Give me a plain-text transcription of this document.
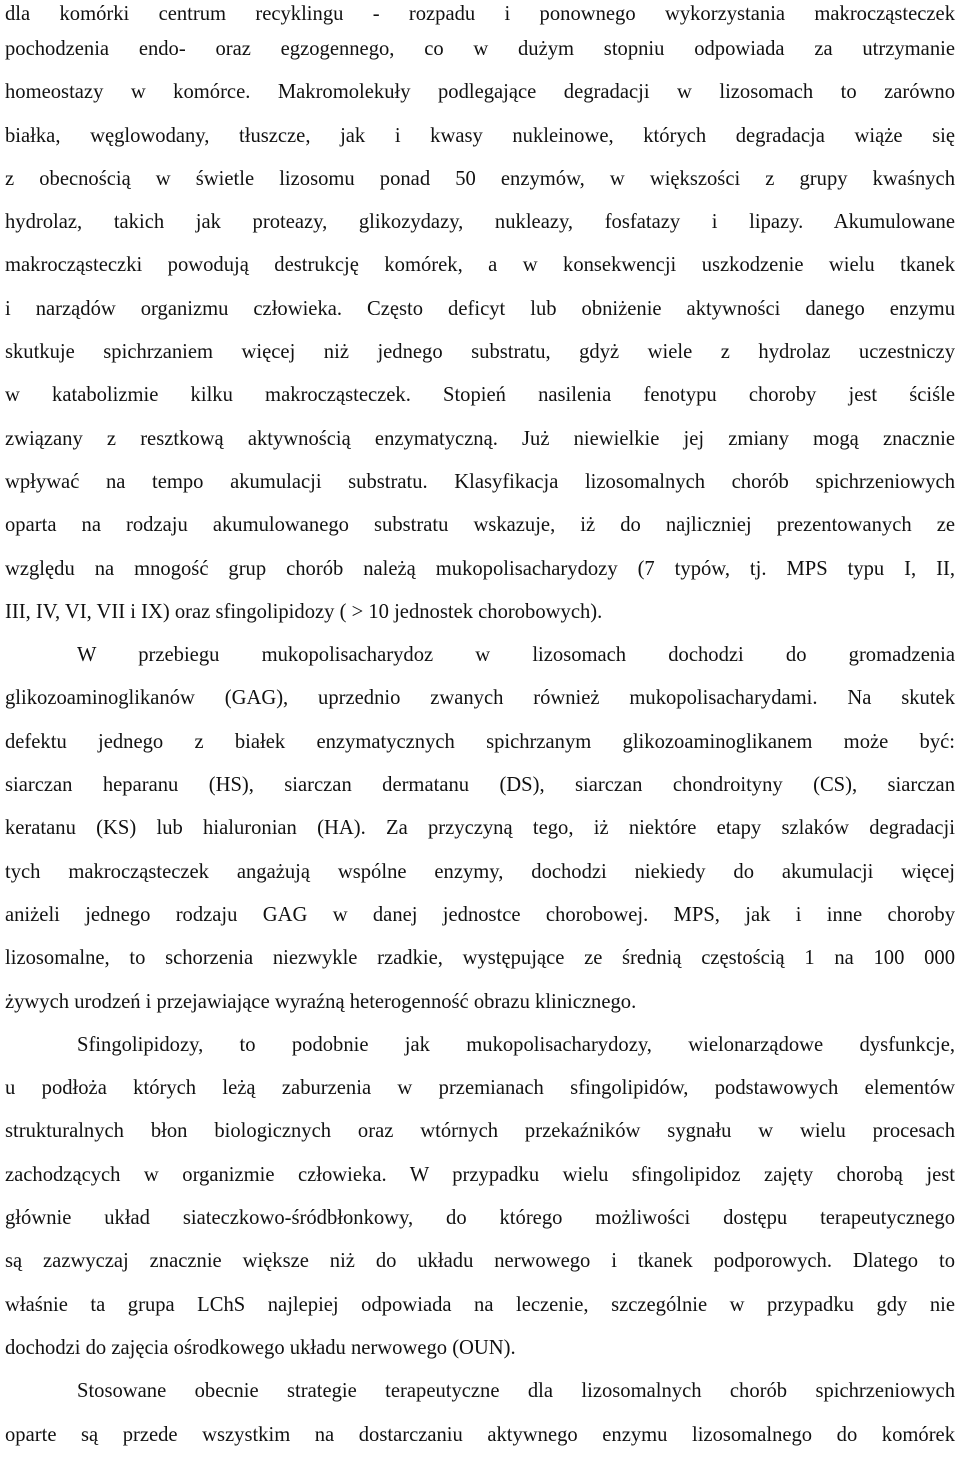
dla komórki centrum recyklingu - rozpadu i ponownego wykorzystania makrocząsteczek
pochodzenia endo- oraz egzogennego, co w dużym stopniu odpowiada za utrzymanie
homeostazy w komórce. Makromolekuły podlegające degradacji w lizosomach to zarówno
białka, węglowodany, tłuszcze, jak i kwasy nukleinowe, których degradacja wiąże się
z obecnością w świetle lizosomu ponad 50 enzymów, w większości z grupy kwaśnych
hydrolaz, takich jak proteazy, glikozydazy, nukleazy, fosfatazy i lipazy. Akumulowane
makrocząsteczki powodują destrukcję komórek, a w konsekwencji uszkodzenie wielu tkanek
i narządów organizmu człowieka. Często deficyt lub obniżenie aktywności danego enzymu
skutkuje spichrzaniem więcej niż jednego substratu, gdyż wiele z hydrolaz uczestniczy
w katabolizmie kilku makrocząsteczek. Stopień nasilenia fenotypu choroby jest ściśle
związany z resztkową aktywnością enzymatyczną. Już niewielkie jej zmiany mogą znacznie
wpływać na tempo akumulacji substratu. Klasyfikacja lizosomalnych chorób spichrzeniowych
oparta na rodzaju akumulowanego substratu wskazuje, iż do najliczniej prezentowanych ze
względu na mnogość grup chorób należą mukopolisacharydozy (7 typów, tj. MPS typu I, II,
III, IV, VI, VII i IX) oraz sfingolipidozy ( > 10 jednostek chorobowych).
W przebiegu mukopolisacharydoz w lizosomach dochodzi do gromadzenia
glikozoaminoglikanów (GAG), uprzednio zwanych również mukopolisacharydami. Na skutek
defektu jednego z białek enzymatycznych spichrzanym glikozoaminoglikanem może być:
siarczan heparanu (HS), siarczan dermatanu (DS), siarczan chondroityny (CS), siarczan
keratanu (KS) lub hialuronian (HA). Za przyczyną tego, iż niektóre etapy szlaków degradacji
tych makrocząsteczek angażują wspólne enzymy, dochodzi niekiedy do akumulacji więcej
aniżeli jednego rodzaju GAG w danej jednostce chorobowej. MPS, jak i inne choroby
lizosomalne, to schorzenia niezwykle rzadkie, występujące ze średnią częstością 1 na 100 000
żywych urodzeń i przejawiające wyraźną heterogenność obrazu klinicznego.
Sfingolipidozy, to podobnie jak mukopolisacharydozy, wielonarządowe dysfunkcje,
u podłoża których leżą zaburzenia w przemianach sfingolipidów, podstawowych elementów
strukturalnych błon biologicznych oraz wtórnych przekaźników sygnału w wielu procesach
zachodzących w organizmie człowieka. W przypadku wielu sfingolipidoz zajęty chorobą jest
głównie układ siateczkowo-śródbłonkowy, do którego możliwości dostępu terapeutycznego
są zazwyczaj znacznie większe niż do układu nerwowego i tkanek podporowych. Dlatego to
właśnie ta grupa LChS najlepiej odpowiada na leczenie, szczególnie w przypadku gdy nie
dochodzi do zajęcia ośrodkowego układu nerwowego (OUN).
Stosowane obecnie strategie terapeutyczne dla lizosomalnych chorób spichrzeniowych
oparte są przede wszystkim na dostarczaniu aktywnego enzymu lizosomalnego do komórek
